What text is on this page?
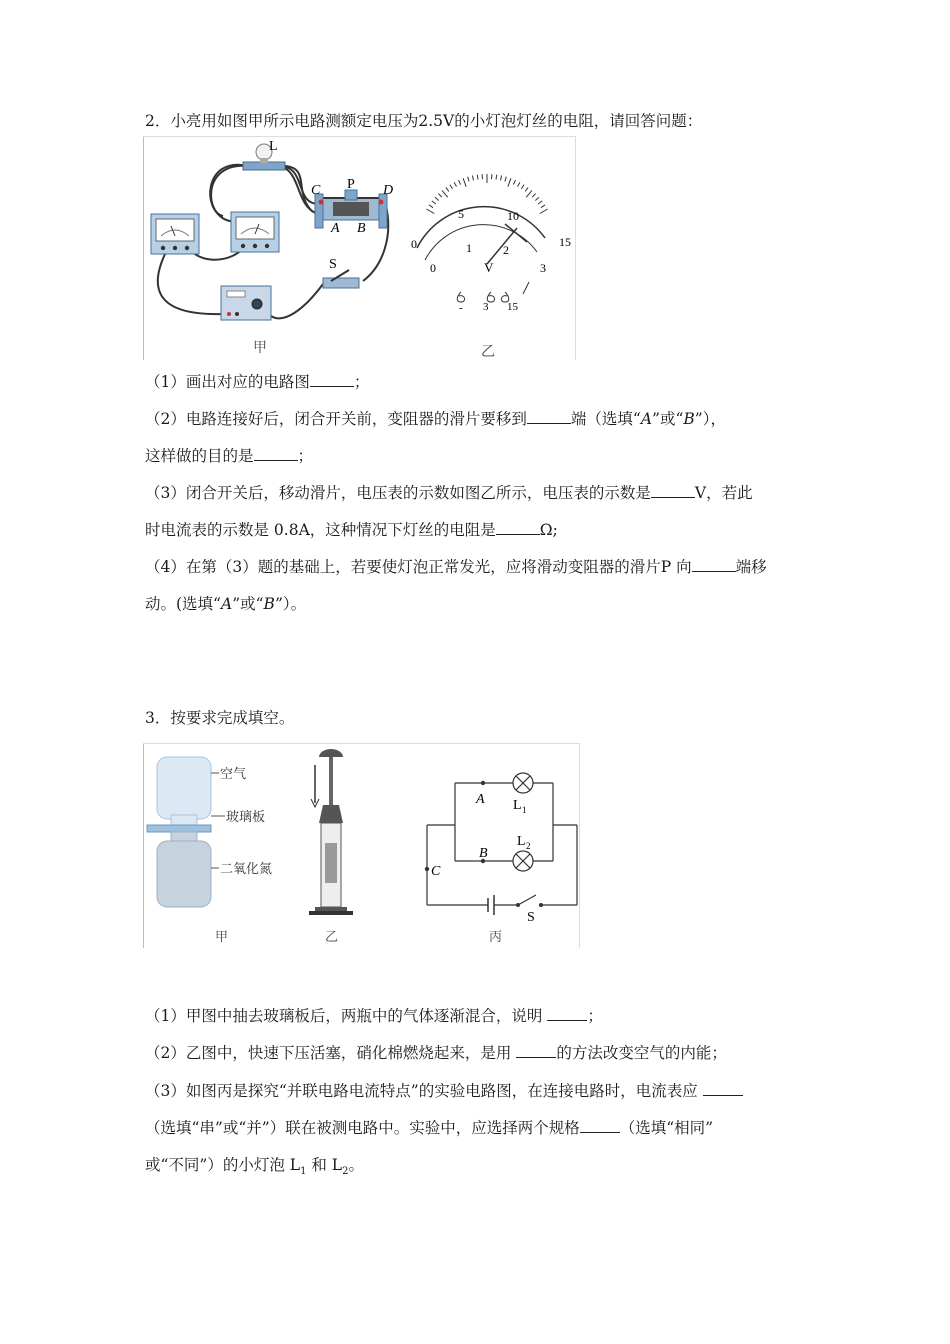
2．小亮用如图甲所示电路测额定电压为2.5V的小灯泡灯丝的电阻，请回答问题：
L
C P D
A B
S
甲
0
5	10
15
0
1	2
3
V
- 3 15
乙
（1）画出对应的电路图	；
（2）电路连接好后，闭合开关前，变阻器的滑片要移到	端（选填“A”或“B”），
这样做的目的是	；
（3）闭合开关后，移动滑片，电压表的示数如图乙所示，电压表的示数是	V，若此
时电流表的示数是 0.8A，这种情况下灯丝的电阻是	Ω;
（4）在第（3）题的基础上，若要使灯泡正常发光，应将滑动变阻器的滑片P 向	端移
动。(选填“A”或“B”）。
3．按要求完成填空。
空气
玻璃板
二氧化氮
甲	乙
A
B
C
L 1
L 2
S
丙
（1）甲图中抽去玻璃板后，两瓶中的气体逐渐混合，说明	；
（2）乙图中，快速下压活塞，硝化棉燃烧起来，是用	的方法改变空气的内能；
（3）如图丙是探究“并联电路电流特点”的实验电路图，在连接电路时，电流表应
（选填“串”或“并”）联在被测电路中。实验中，应选择两个规格	（选填“相同”
或“不同”）的小灯泡 $L_1$ 和 $L_2$。
